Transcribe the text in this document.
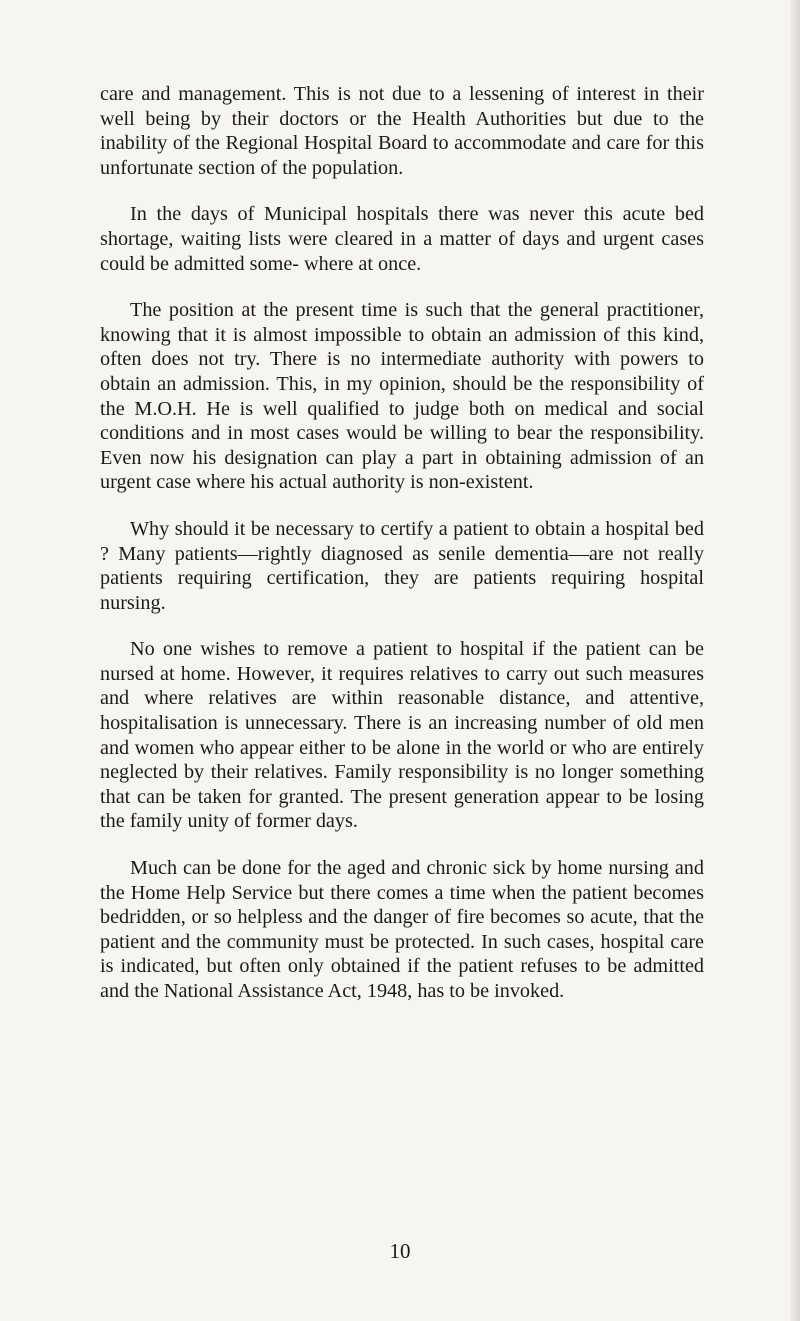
care and management. This is not due to a lessening of interest in their well being by their doctors or the Health Authorities but due to the inability of the Regional Hospital Board to accommodate and care for this unfortunate section of the population.

In the days of Municipal hospitals there was never this acute bed shortage, waiting lists were cleared in a matter of days and urgent cases could be admitted some- where at once.

The position at the present time is such that the general practitioner, knowing that it is almost impossible to obtain an admission of this kind, often does not try. There is no intermediate authority with powers to obtain an admission. This, in my opinion, should be the responsibility of the M.O.H. He is well qualified to judge both on medical and social conditions and in most cases would be willing to bear the responsibility. Even now his designation can play a part in obtaining admission of an urgent case where his actual authority is non-existent.

Why should it be necessary to certify a patient to obtain a hospital bed ? Many patients—rightly diagnosed as senile dementia—are not really patients requiring certification, they are patients requiring hospital nursing.

No one wishes to remove a patient to hospital if the patient can be nursed at home. However, it requires relatives to carry out such measures and where relatives are within reasonable distance, and attentive, hospitalisation is unnecessary. There is an increasing number of old men and women who appear either to be alone in the world or who are entirely neglected by their relatives. Family responsibility is no longer something that can be taken for granted. The present generation appear to be losing the family unity of former days.

Much can be done for the aged and chronic sick by home nursing and the Home Help Service but there comes a time when the patient becomes bedridden, or so helpless and the danger of fire becomes so acute, that the patient and the community must be protected. In such cases, hospital care is indicated, but often only obtained if the patient refuses to be admitted and the National Assistance Act, 1948, has to be invoked.

10
